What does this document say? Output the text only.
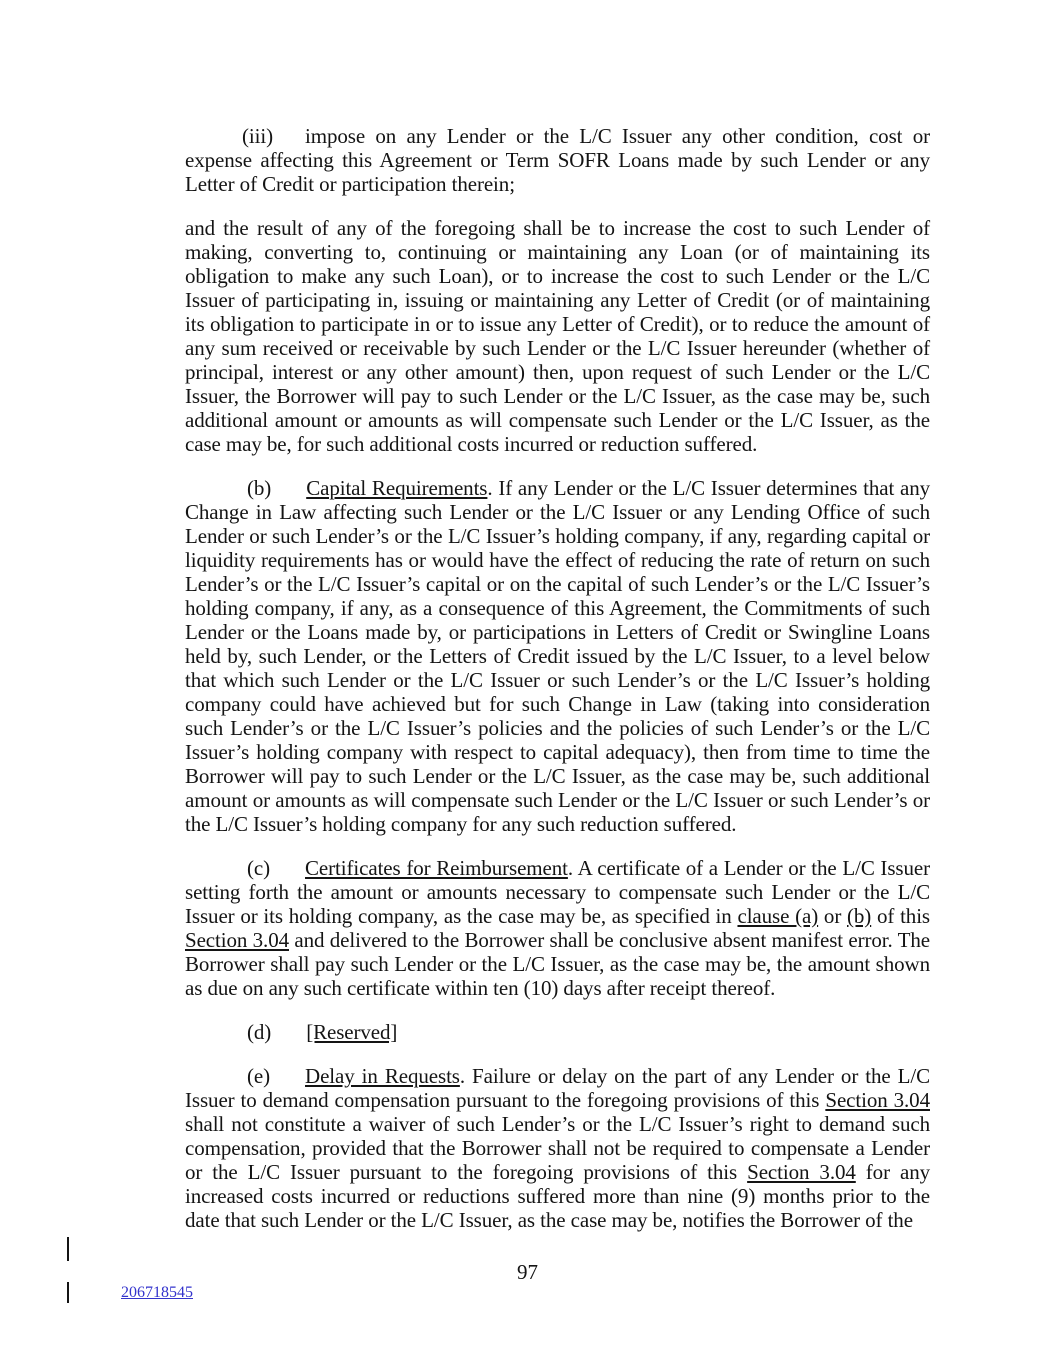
(iii) impose on any Lender or the L/C Issuer any other condition, cost or expense affecting this Agreement or Term SOFR Loans made by such Lender or any Letter of Credit or participation therein;

and the result of any of the foregoing shall be to increase the cost to such Lender of making, converting to, continuing or maintaining any Loan (or of maintaining its obligation to make any such Loan), or to increase the cost to such Lender or the L/C Issuer of participating in, issuing or maintaining any Letter of Credit (or of maintaining its obligation to participate in or to issue any Letter of Credit), or to reduce the amount of any sum received or receivable by such Lender or the L/C Issuer hereunder (whether of principal, interest or any other amount) then, upon request of such Lender or the L/C Issuer, the Borrower will pay to such Lender or the L/C Issuer, as the case may be, such additional amount or amounts as will compensate such Lender or the L/C Issuer, as the case may be, for such additional costs incurred or reduction suffered.

(b) Capital Requirements. If any Lender or the L/C Issuer determines that any Change in Law affecting such Lender or the L/C Issuer or any Lending Office of such Lender or such Lender’s or the L/C Issuer’s holding company, if any, regarding capital or liquidity requirements has or would have the effect of reducing the rate of return on such Lender’s or the L/C Issuer’s capital or on the capital of such Lender’s or the L/C Issuer’s holding company, if any, as a consequence of this Agreement, the Commitments of such Lender or the Loans made by, or participations in Letters of Credit or Swingline Loans held by, such Lender, or the Letters of Credit issued by the L/C Issuer, to a level below that which such Lender or the L/C Issuer or such Lender’s or the L/C Issuer’s holding company could have achieved but for such Change in Law (taking into consideration such Lender’s or the L/C Issuer’s policies and the policies of such Lender’s or the L/C Issuer’s holding company with respect to capital adequacy), then from time to time the Borrower will pay to such Lender or the L/C Issuer, as the case may be, such additional amount or amounts as will compensate such Lender or the L/C Issuer or such Lender’s or the L/C Issuer’s holding company for any such reduction suffered.

(c) Certificates for Reimbursement. A certificate of a Lender or the L/C Issuer setting forth the amount or amounts necessary to compensate such Lender or the L/C Issuer or its holding company, as the case may be, as specified in clause (a) or (b) of this Section 3.04 and delivered to the Borrower shall be conclusive absent manifest error. The Borrower shall pay such Lender or the L/C Issuer, as the case may be, the amount shown as due on any such certificate within ten (10) days after receipt thereof.

(d) [Reserved]

(e) Delay in Requests. Failure or delay on the part of any Lender or the L/C Issuer to demand compensation pursuant to the foregoing provisions of this Section 3.04 shall not constitute a waiver of such Lender’s or the L/C Issuer’s right to demand such compensation, provided that the Borrower shall not be required to compensate a Lender or the L/C Issuer pursuant to the foregoing provisions of this Section 3.04 for any increased costs incurred or reductions suffered more than nine (9) months prior to the date that such Lender or the L/C Issuer, as the case may be, notifies the Borrower of the

97
206718545
